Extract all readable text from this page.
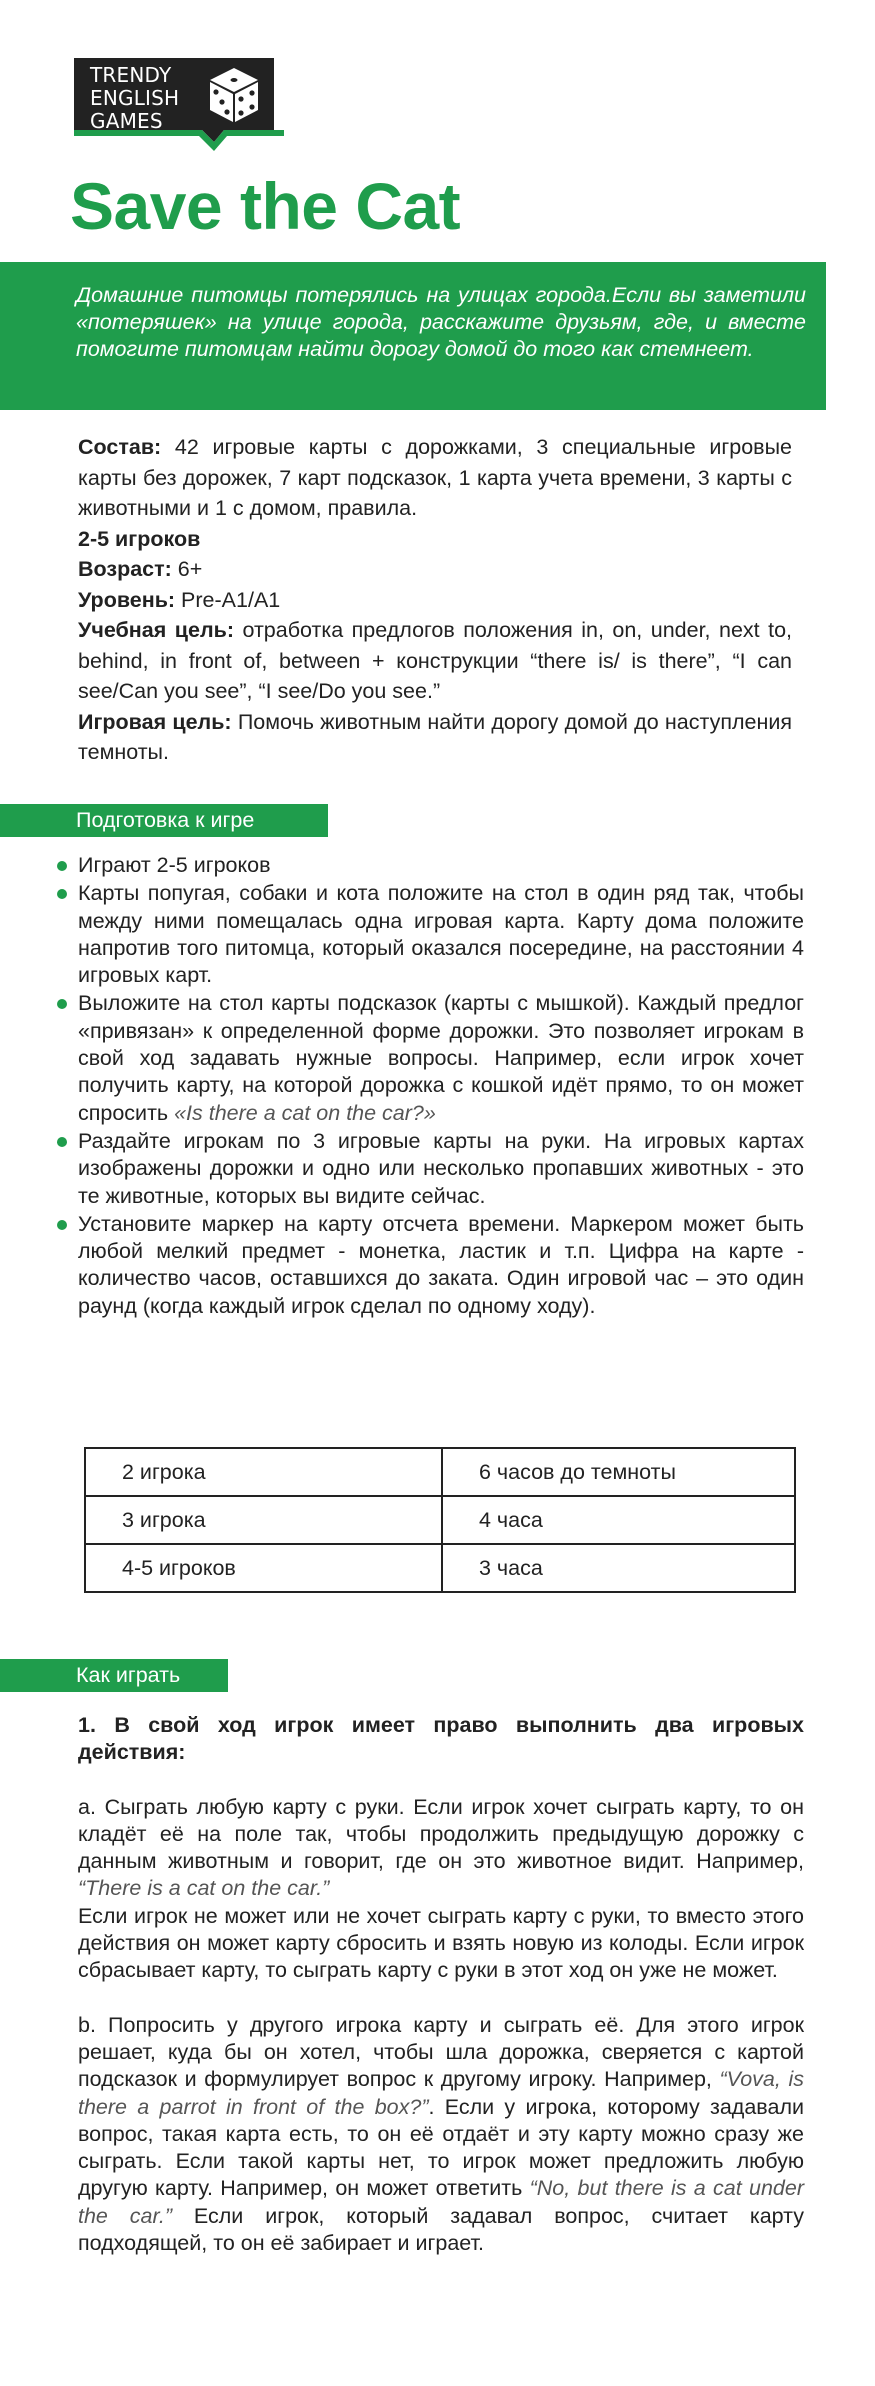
TRENDY
ENGLISH
GAMES
Save the Cat

Домашние питомцы потерялись на улицах города.Если вы заметили «потеряшек» на улице города, расскажите друзьям, где, и вместе помогите питомцам найти дорогу домой до того как стемнеет.

Состав: 42 игровые карты с дорожками, 3 специальные игровые карты без дорожек, 7 карт подсказок, 1 карта учета времени, 3 карты с животными и 1 с домом, правила.

2-5 игроков

Возраст: 6+

Уровень: Pre-A1/A1

Учебная цель: отработка предлогов положения in, on, under, next to, behind, in front of, between + конструкции “there is/ is there”, “I can see/Can you see”, “I see/Do you see.”

Игровая цель: Помочь животным найти дорогу домой до наступления темноты.

Подготовка к игре
Играют 2-5 игроков
Карты попугая, собаки и кота положите на стол в один ряд так, чтобы между ними помещалась одна игровая карта. Карту дома положите напротив того питомца, который оказался посередине, на расстоянии 4 игровых карт.
Выложите на стол карты подсказок (карты с мышкой). Каждый предлог «привязан» к определенной форме дорожки. Это позволяет игрокам в свой ход задавать нужные вопросы. Например, если игрок хочет получить карту, на которой дорожка с кошкой идёт прямо, то он может спросить «Is there a cat on the car?»
Раздайте игрокам по 3 игровые карты на руки. На игровых картах изображены дорожки и одно или несколько пропавших животных - это те животные, которых вы видите сейчас.
Установите маркер на карту отсчета времени. Маркером может быть любой мелкий предмет - монетка, ластик и т.п. Цифра на карте - количество часов, оставшихся до заката. Один игровой час – это один раунд (когда каждый игрок сделал по одному ходу).
2 игрока	6 часов до темноты
3 игрока	4 часа
4-5 игроков	3 часа
Как играть

1. В свой ход игрок имеет право выполнить два игровых действия:

a. Сыграть любую карту с руки. Если игрок хочет сыграть карту, то он кладёт её на поле так, чтобы продолжить предыдущую дорожку с данным животным и говорит, где он это животное видит. Например, “There is a cat on the car.”

Если игрок не может или не хочет сыграть карту с руки, то вместо этого действия он может карту сбросить и взять новую из колоды. Если игрок сбрасывает карту, то сыграть карту с руки в этот ход он уже не может.

b. Попросить у другого игрока карту и сыграть её. Для этого игрок решает, куда бы он хотел, чтобы шла дорожка, сверяется с картой подсказок и формулирует вопрос к другому игроку. Например, “Vova, is there a parrot in front of the box?”. Если у игрока, которому задавали вопрос, такая карта есть, то он её отдаёт и эту карту можно сразу же сыграть. Если такой карты нет, то игрок может предложить любую другую карту. Например, он может ответить “No, but there is a cat under the car.” Если игрок, который задавал вопрос, считает карту подходящей, то он её забирает и играет.
